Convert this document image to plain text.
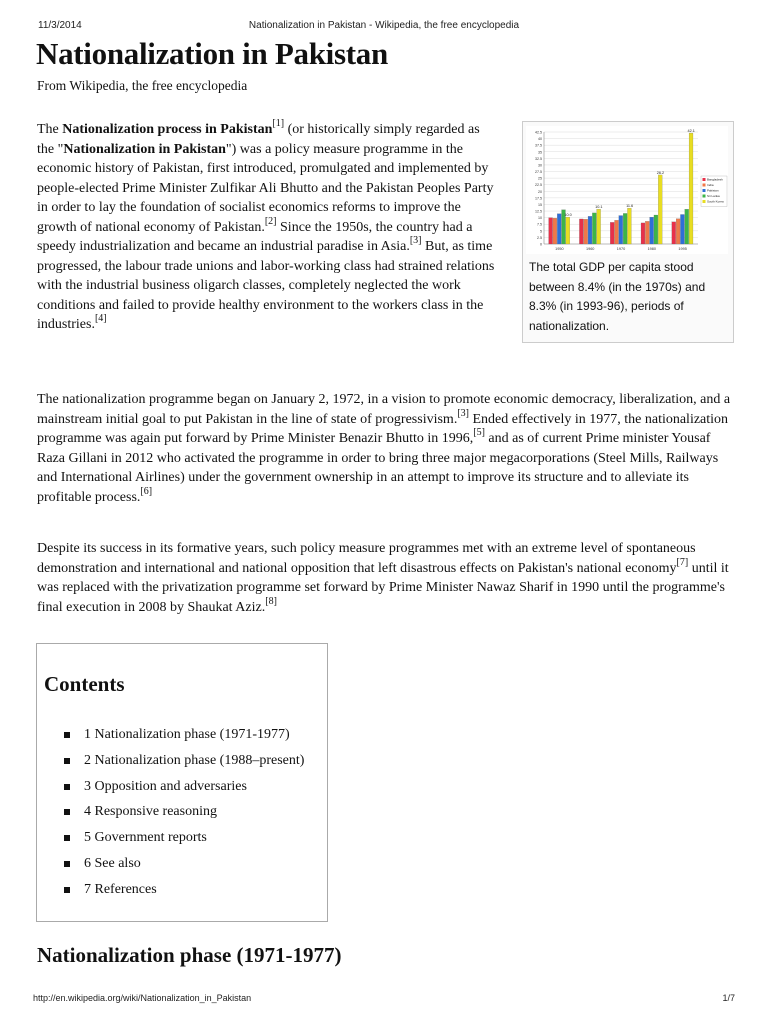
11/3/2014	Nationalization in Pakistan - Wikipedia, the free encyclopedia
Nationalization in Pakistan
From Wikipedia, the free encyclopedia

The Nationalization process in Pakistan[1] (or historically simply regarded as the "Nationalization in Pakistan") was a policy measure programme in the economic history of Pakistan, first introduced, promulgated and implemented by people-elected Prime Minister Zulfikar Ali Bhutto and the Pakistan Peoples Party in order to lay the foundation of socialist economics reforms to improve the growth of national economy of Pakistan.[2] Since the 1950s, the country had a speedy industrialization and became an industrial paradise in Asia.[3] But, as time progressed, the labour trade unions and labor-working class had strained relations with the industrial business oligarch classes, completely neglected the work conditions and failed to provide healthy environment to the workers class in the industries.[4]

42.5
40
37.5
35
32.5
30
27.5
25
22.5
20
17.5
15
12.5
10
7.5
5
2.5
0
10.0
1950
10.1
1960
11.6
1970
26.2
1980
42.1
1995
Bangladesh
India
Pakistan
Sri Lanka
South Korea
The total GDP per capita stood between 8.4% (in the 1970s) and 8.3% (in 1993-96), periods of nationalization.

The nationalization programme began on January 2, 1972, in a vision to promote economic democracy, liberalization, and a mainstream initial goal to put Pakistan in the line of state of progressivism.[3] Ended effectively in 1977, the nationalization programme was again put forward by Prime Minister Benazir Bhutto in 1996,[5] and as of current Prime minister Yousaf Raza Gillani in 2012 who activated the programme in order to bring three major megacorporations (Steel Mills, Railways and International Airlines) under the government ownership in an attempt to improve its structure and to alleviate its profitable process.[6]

Despite its success in its formative years, such policy measure programmes met with an extreme level of spontaneous demonstration and international and national opposition that left disastrous effects on Pakistan's national economy[7] until it was replaced with the privatization programme set forward by Prime Minister Nawaz Sharif in 1990 until the programme's final execution in 2008 by Shaukat Aziz.[8]

Contents
1 Nationalization phase (1971-1977)
2 Nationalization phase (1988–present)
3 Opposition and adversaries
4 Responsive reasoning
5 Government reports
6 See also
7 References
Nationalization phase (1971-1977)
http://en.wikipedia.org/wiki/Nationalization_in_Pakistan	1/7
